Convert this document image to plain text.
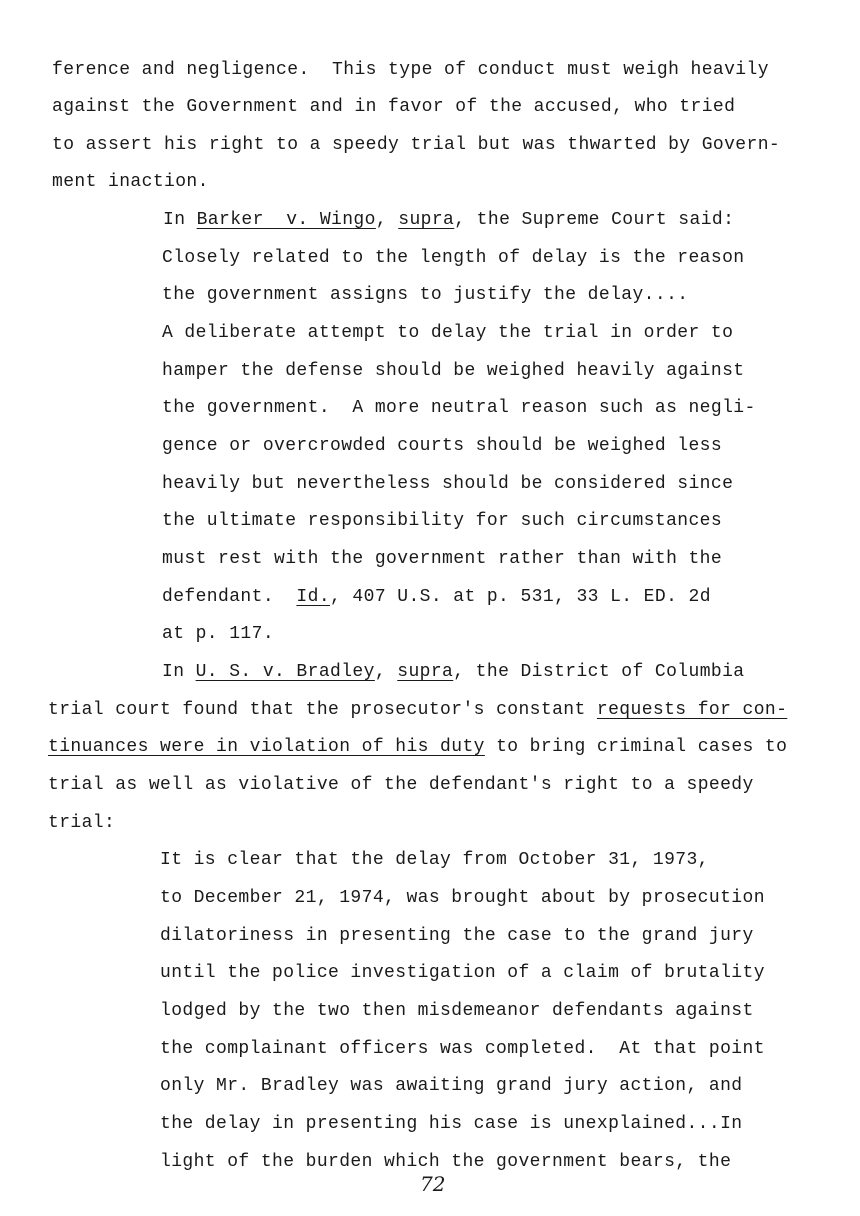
ference and negligence.  This type of conduct must weigh heavily
against the Government and in favor of the accused, who tried
to assert his right to a speedy trial but was thwarted by Govern-
ment inaction.
In Barker  v. Wingo, supra, the Supreme Court said:
Closely related to the length of delay is the reason
the government assigns to justify the delay....
A deliberate attempt to delay the trial in order to
hamper the defense should be weighed heavily against
the government.  A more neutral reason such as negli-
gence or overcrowded courts should be weighed less
heavily but nevertheless should be considered since
the ultimate responsibility for such circumstances
must rest with the government rather than with the
defendant.  Id., 407 U.S. at p. 531, 33 L. ED. 2d
at p. 117.
In U. S. v. Bradley, supra, the District of Columbia
trial court found that the prosecutor's constant requests for con-
tinuances were in violation of his duty to bring criminal cases to
trial as well as violative of the defendant's right to a speedy
trial:
It is clear that the delay from October 31, 1973,
to December 21, 1974, was brought about by prosecution
dilatoriness in presenting the case to the grand jury
until the police investigation of a claim of brutality
lodged by the two then misdemeanor defendants against
the complainant officers was completed.  At that point
only Mr. Bradley was awaiting grand jury action, and
the delay in presenting his case is unexplained...In
light of the burden which the government bears, the
72
